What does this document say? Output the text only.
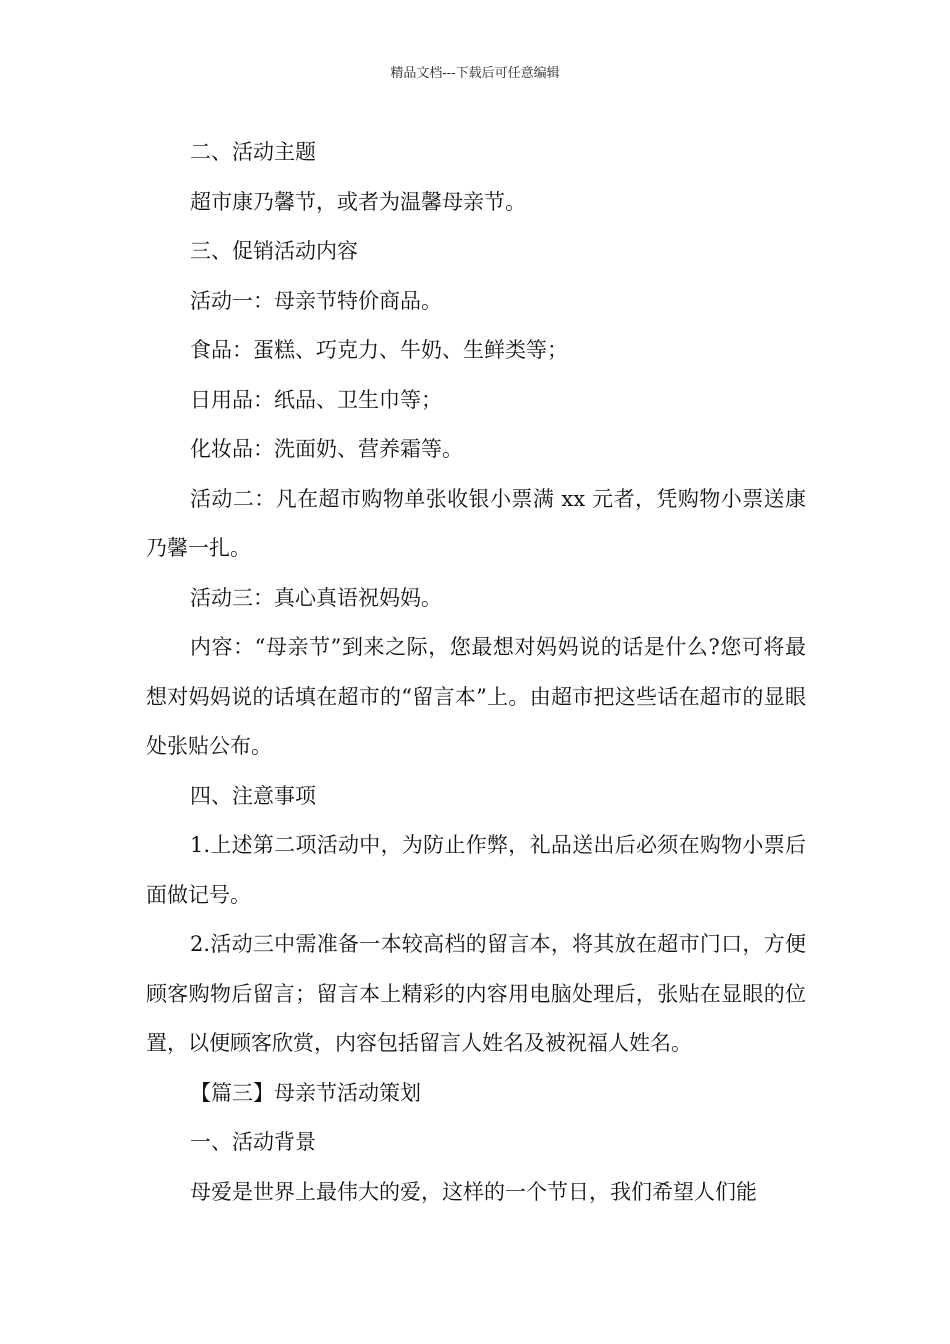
精品文档---下载后可任意编辑

二、活动主题

超市康乃馨节，或者为温馨母亲节。

三、促销活动内容

活动一：母亲节特价商品。

食品：蛋糕、巧克力、牛奶、生鲜类等；

日用品：纸品、卫生巾等；

化妆品：洗面奶、营养霜等。

活动二：凡在超市购物单张收银小票满 xx 元者，凭购物小票送康乃馨一扎。

活动三：真心真语祝妈妈。

内容：“母亲节”到来之际，您最想对妈妈说的话是什么?您可将最想对妈妈说的话填在超市的“留言本”上。由超市把这些话在超市的显眼处张贴公布。

四、注意事项

1.上述第二项活动中，为防止作弊，礼品送出后必须在购物小票后面做记号。

2.活动三中需准备一本较高档的留言本，将其放在超市门口，方便顾客购物后留言；留言本上精彩的内容用电脑处理后，张贴在显眼的位置，以便顾客欣赏，内容包括留言人姓名及被祝福人姓名。

【篇三】母亲节活动策划

一、活动背景

母爱是世界上最伟大的爱，这样的一个节日，我们希望人们能
